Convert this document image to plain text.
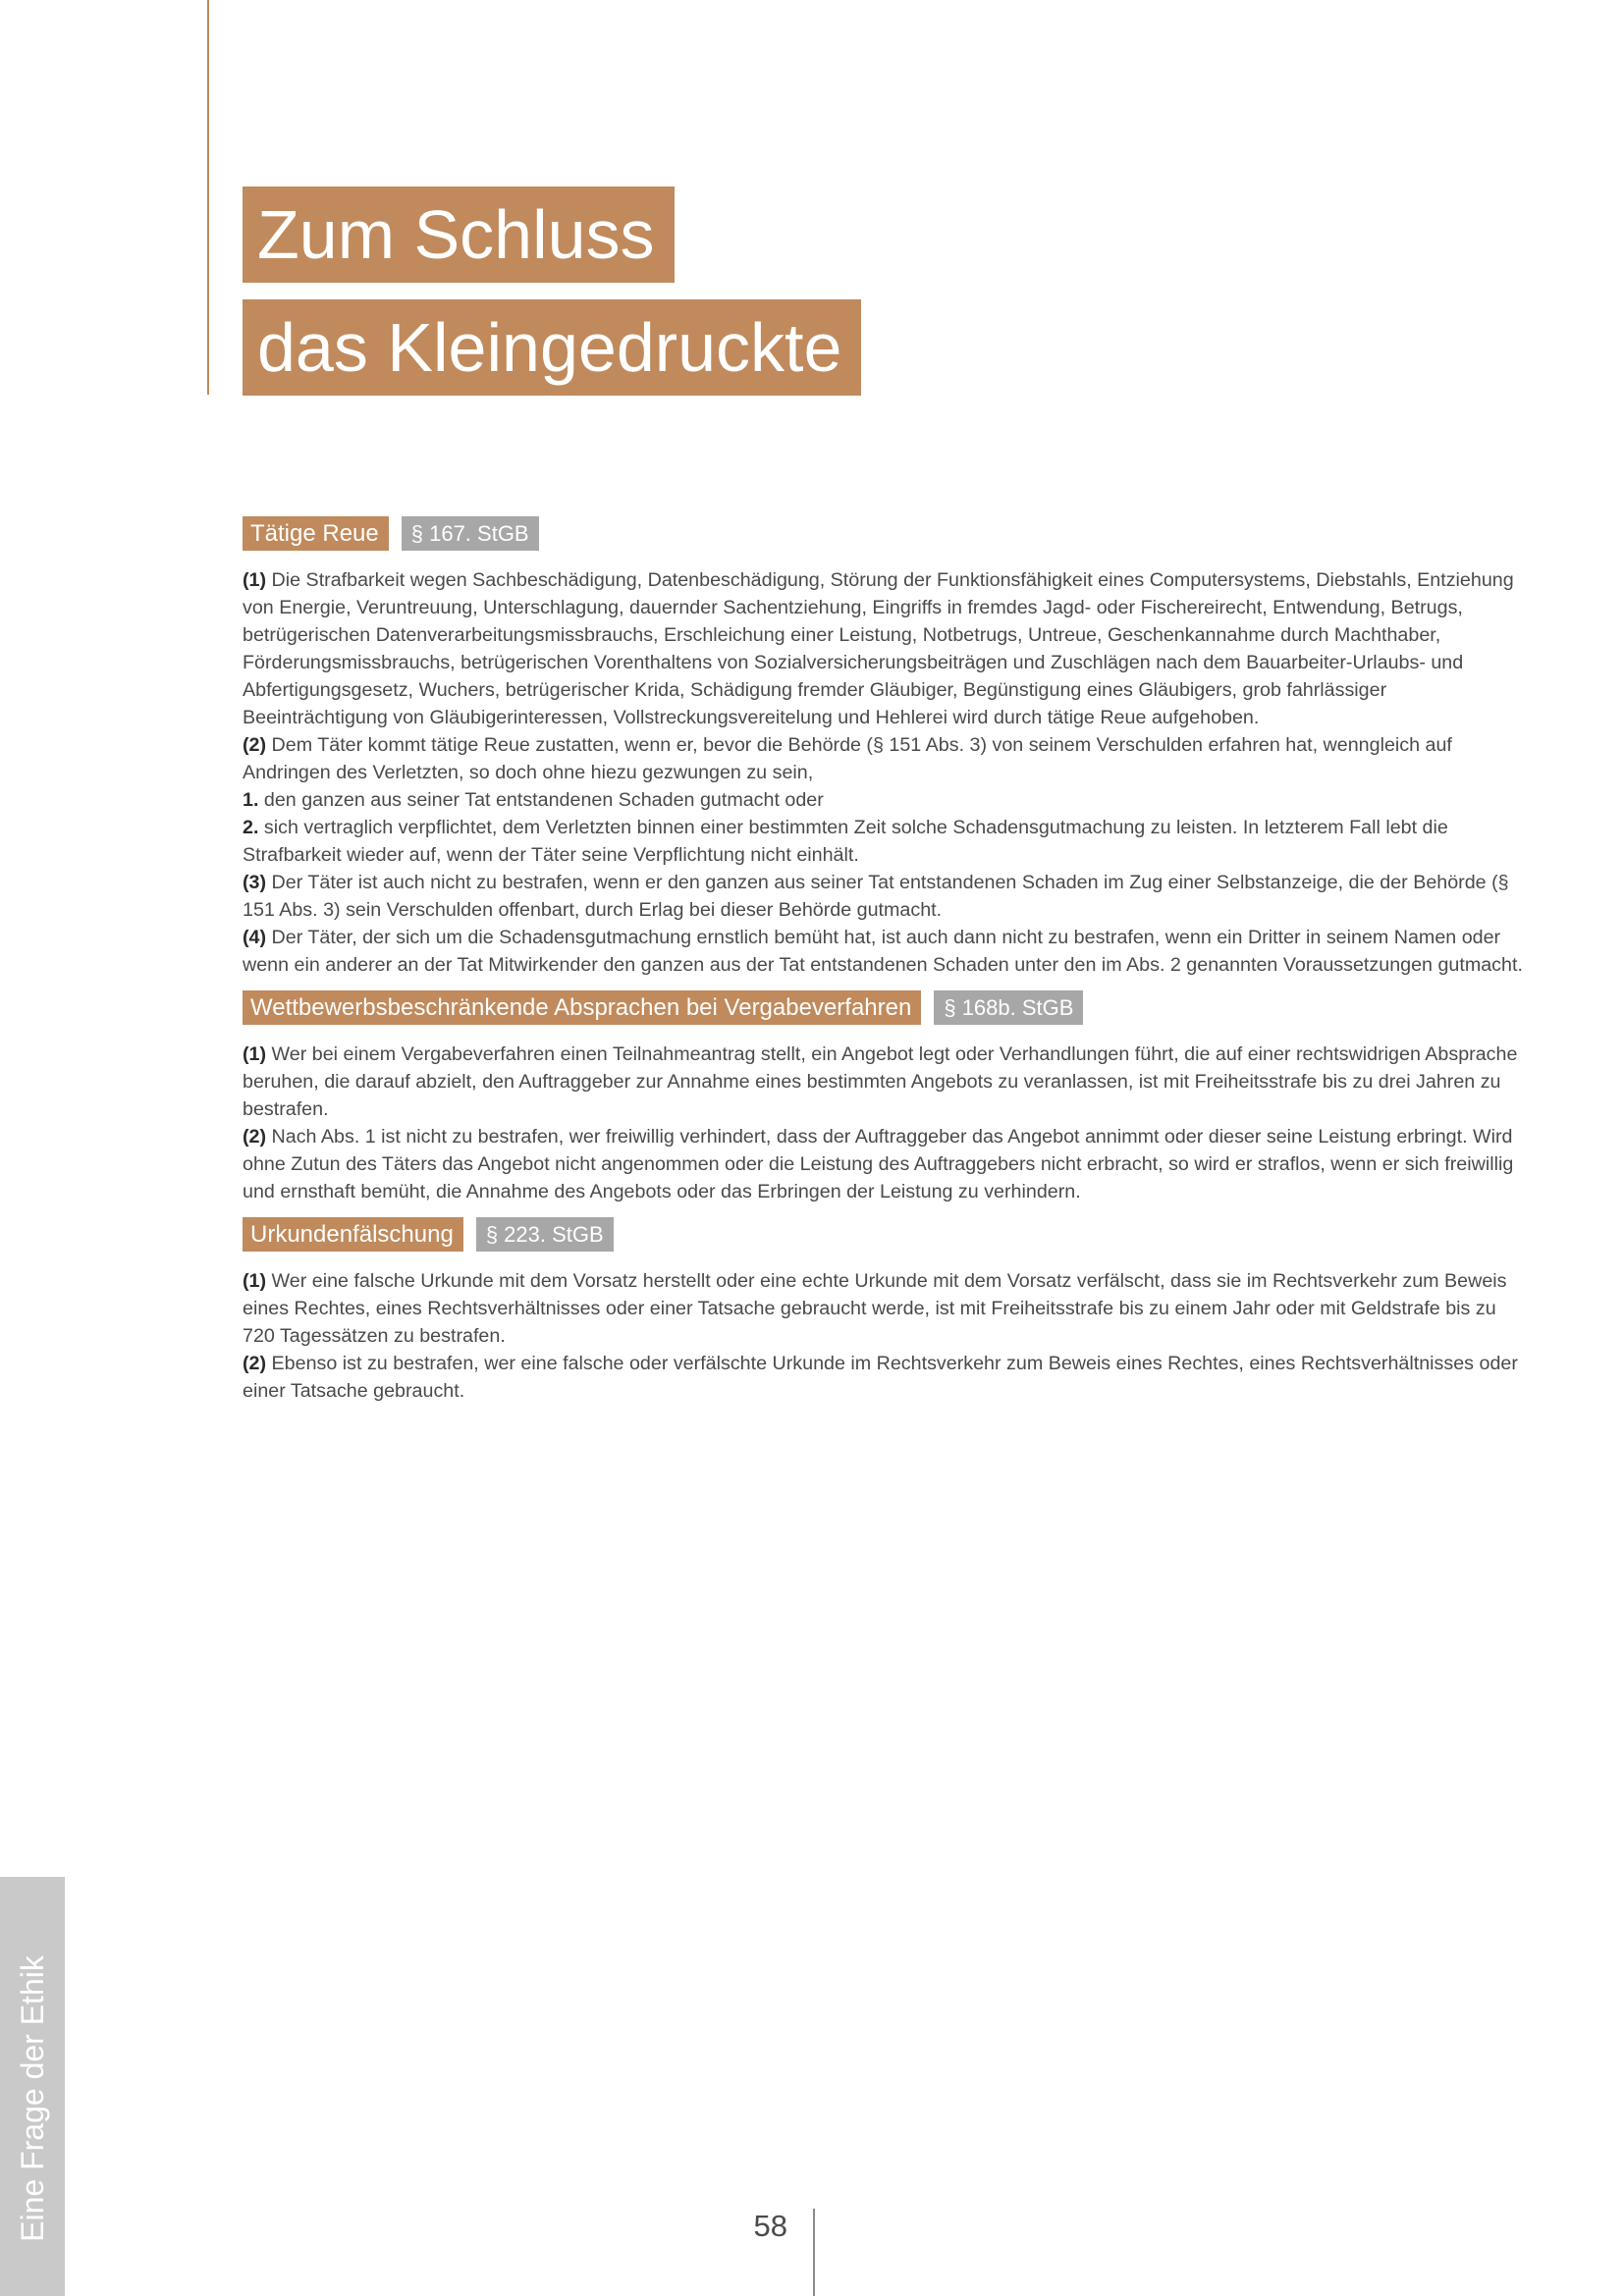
Zum Schluss
das Kleingedruckte
Tätige Reue	§ 167. StGB

(1) Die Strafbarkeit wegen Sachbeschädigung, Datenbeschädigung, Störung der Funktionsfähigkeit eines Computersystems, Diebstahls, Entziehung von Energie, Veruntreuung, Unterschlagung, dauernder Sachentziehung, Eingriffs in fremdes Jagd- oder Fischereirecht, Entwendung, Betrugs, betrügerischen Datenverarbeitungsmissbrauchs, Erschleichung einer Leistung, Notbetrugs, Untreue, Geschenkannahme durch Machthaber, Förderungsmissbrauchs, betrügerischen Vorenthaltens von Sozialversicherungsbeiträgen und Zuschlägen nach dem Bauarbeiter-Urlaubs- und Abfertigungsgesetz, Wuchers, betrügerischer Krida, Schädigung fremder Gläubiger, Begünstigung eines Gläubigers, grob fahrlässiger Beeinträchtigung von Gläubigerinteressen, Vollstreckungsvereitelung und Hehlerei wird durch tätige Reue aufgehoben.

(2) Dem Täter kommt tätige Reue zustatten, wenn er, bevor die Behörde (§ 151 Abs. 3) von seinem Verschulden erfahren hat, wenngleich auf Andringen des Verletzten, so doch ohne hiezu gezwungen zu sein,

1. den ganzen aus seiner Tat entstandenen Schaden gutmacht oder

2. sich vertraglich verpflichtet, dem Verletzten binnen einer bestimmten Zeit solche Schadensgutmachung zu leisten. In letzterem Fall lebt die Strafbarkeit wieder auf, wenn der Täter seine Verpflichtung nicht einhält.

(3) Der Täter ist auch nicht zu bestrafen, wenn er den ganzen aus seiner Tat entstandenen Schaden im Zug einer Selbstanzeige, die der Behörde (§ 151 Abs. 3) sein Verschulden offenbart, durch Erlag bei dieser Behörde gutmacht.

(4) Der Täter, der sich um die Schadensgutmachung ernstlich bemüht hat, ist auch dann nicht zu bestrafen, wenn ein Dritter in seinem Namen oder wenn ein anderer an der Tat Mitwirkender den ganzen aus der Tat entstandenen Schaden unter den im Abs. 2 genannten Voraussetzungen gutmacht.

Wettbewerbsbeschränkende Absprachen bei Vergabeverfahren	§ 168b. StGB

(1) Wer bei einem Vergabeverfahren einen Teilnahmeantrag stellt, ein Angebot legt oder Verhandlungen führt, die auf einer rechtswidrigen Absprache beruhen, die darauf abzielt, den Auftraggeber zur Annahme eines bestimmten Angebots zu veranlassen, ist mit Freiheitsstrafe bis zu drei Jahren zu bestrafen.

(2) Nach Abs. 1 ist nicht zu bestrafen, wer freiwillig verhindert, dass der Auftraggeber das Angebot annimmt oder dieser seine Leistung erbringt. Wird ohne Zutun des Täters das Angebot nicht angenommen oder die Leistung des Auftraggebers nicht erbracht, so wird er straflos, wenn er sich freiwillig und ernsthaft bemüht, die Annahme des Angebots oder das Erbringen der Leistung zu verhindern.

Urkundenfälschung	§ 223. StGB

(1) Wer eine falsche Urkunde mit dem Vorsatz herstellt oder eine echte Urkunde mit dem Vorsatz verfälscht, dass sie im Rechtsverkehr zum Beweis eines Rechtes, eines Rechtsverhältnisses oder einer Tatsache gebraucht werde, ist mit Freiheitsstrafe bis zu einem Jahr oder mit Geldstrafe bis zu 720 Tagessätzen zu bestrafen.

(2) Ebenso ist zu bestrafen, wer eine falsche oder verfälschte Urkunde im Rechtsverkehr zum Beweis eines Rechtes, eines Rechtsverhältnisses oder einer Tatsache gebraucht.

Eine Frage der Ethik	58
